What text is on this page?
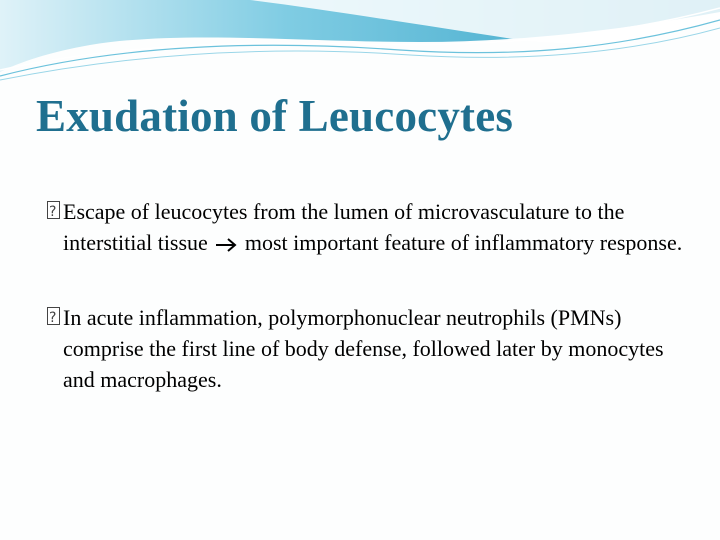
Exudation of Leucocytes
?
Escape of leucocytes from the lumen of microvasculature to the interstitial tissue  most important feature of inflammatory response.
?
In acute inflammation, polymorphonuclear neutrophils (PMNs) comprise the first line of body defense, followed later by monocytes and macrophages.
